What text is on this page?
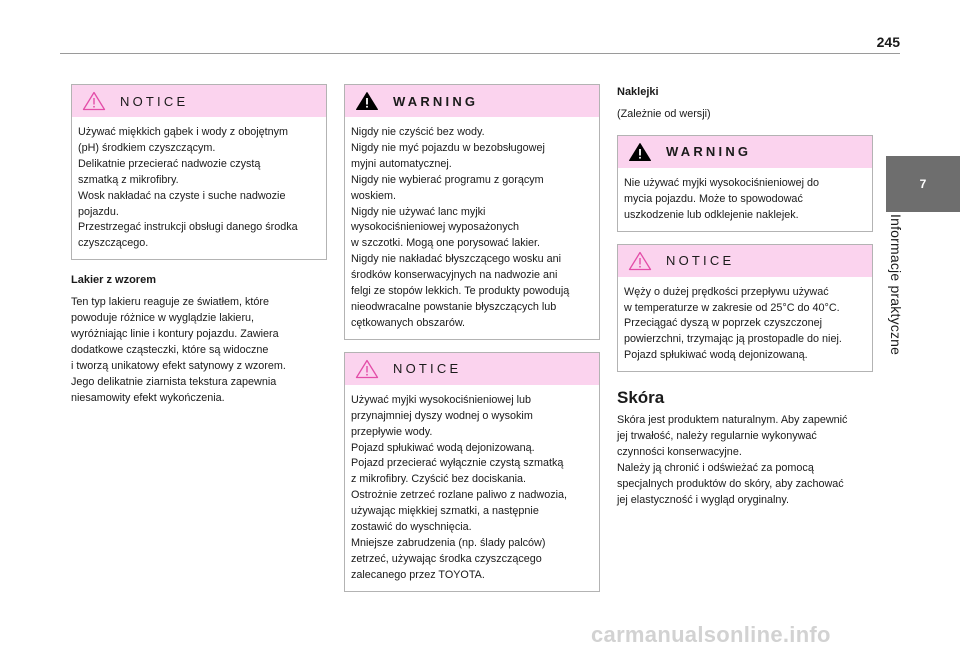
245
7
Informacje praktyczne
NOTICE
Używać miękkich gąbek i wody z obojętnym
(pH) środkiem czyszczącym.
Delikatnie przecierać nadwozie czystą
szmatką z mikrofibry.
Wosk nakładać na czyste i suche nadwozie
pojazdu.
Przestrzegać instrukcji obsługi danego środka
czyszczącego.
Lakier z wzorem
Ten typ lakieru reaguje ze światłem, które
powoduje różnice w wyglądzie lakieru,
wyróżniając linie i kontury pojazdu. Zawiera
dodatkowe cząsteczki, które są widoczne
i tworzą unikatowy efekt satynowy z wzorem.
Jego delikatnie ziarnista tekstura zapewnia
niesamowity efekt wykończenia.
WARNING
Nigdy nie czyścić bez wody.
Nigdy nie myć pojazdu w bezobsługowej
myjni automatycznej.
Nigdy nie wybierać programu z gorącym
woskiem.
Nigdy nie używać lanc myjki
wysokociśnieniowej wyposażonych
w szczotki. Mogą one porysować lakier.
Nigdy nie nakładać błyszczącego wosku ani
środków konserwacyjnych na nadwozie ani
felgi ze stopów lekkich. Te produkty powodują
nieodwracalne powstanie błyszczących lub
cętkowanych obszarów.
NOTICE
Używać myjki wysokociśnieniowej lub
przynajmniej dyszy wodnej o wysokim
przepływie wody.
Pojazd spłukiwać wodą dejonizowaną.
Pojazd przecierać wyłącznie czystą szmatką
z mikrofibry. Czyścić bez dociskania.
Ostrożnie zetrzeć rozlane paliwo z nadwozia,
używając miękkiej szmatki, a następnie
zostawić do wyschnięcia.
Mniejsze zabrudzenia (np. ślady palców)
zetrzeć, używając środka czyszczącego
zalecanego przez TOYOTA.
Naklejki
(Zależnie od wersji)
WARNING
Nie używać myjki wysokociśnieniowej do
mycia pojazdu. Może to spowodować
uszkodzenie lub odklejenie naklejek.
NOTICE
Węży o dużej prędkości przepływu używać
w temperaturze w zakresie od 25°C do 40°C.
Przeciągać dyszą w poprzek czyszczonej
powierzchni, trzymając ją prostopadle do niej.
Pojazd spłukiwać wodą dejonizowaną.
Skóra
Skóra jest produktem naturalnym. Aby zapewnić
jej trwałość, należy regularnie wykonywać
czynności konserwacyjne.
Należy ją chronić i odświeżać za pomocą
specjalnych produktów do skóry, aby zachować
jej elastyczność i wygląd oryginalny.
carmanualsonline.info
